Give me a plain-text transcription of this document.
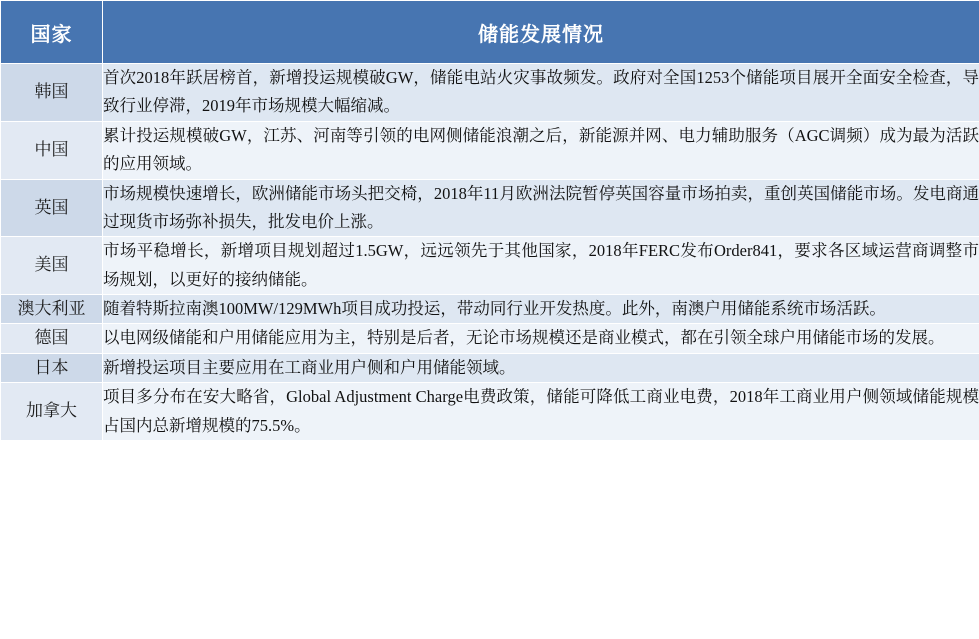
国家	储能发展情况
韩国	首次2018年跃居榜首，新增投运规模破GW，储能电站火灾事故频发。政府对全国1253个储能项目展开全面安全检查，导致行业停滞，2019年市场规模大幅缩减。
中国	累计投运规模破GW，江苏、河南等引领的电网侧储能浪潮之后，新能源并网、电力辅助服务（AGC调频）成为最为活跃的应用领域。
英国	市场规模快速增长，欧洲储能市场头把交椅，2018年11月欧洲法院暂停英国容量市场拍卖，重创英国储能市场。发电商通过现货市场弥补损失，批发电价上涨。
美国	市场平稳增长，新增项目规划超过1.5GW，远远领先于其他国家，2018年FERC发布Order841，要求各区域运营商调整市场规划，以更好的接纳储能。
澳大利亚	随着特斯拉南澳100MW/129MWh项目成功投运，带动同行业开发热度。此外，南澳户用储能系统市场活跃。
德国	以电网级储能和户用储能应用为主，特别是后者，无论市场规模还是商业模式，都在引领全球户用储能市场的发展。
日本	新增投运项目主要应用在工商业用户侧和户用储能领域。
加拿大	项目多分布在安大略省，Global Adjustment Charge电费政策，储能可降低工商业电费，2018年工商业用户侧领域储能规模占国内总新增规模的75.5%。
